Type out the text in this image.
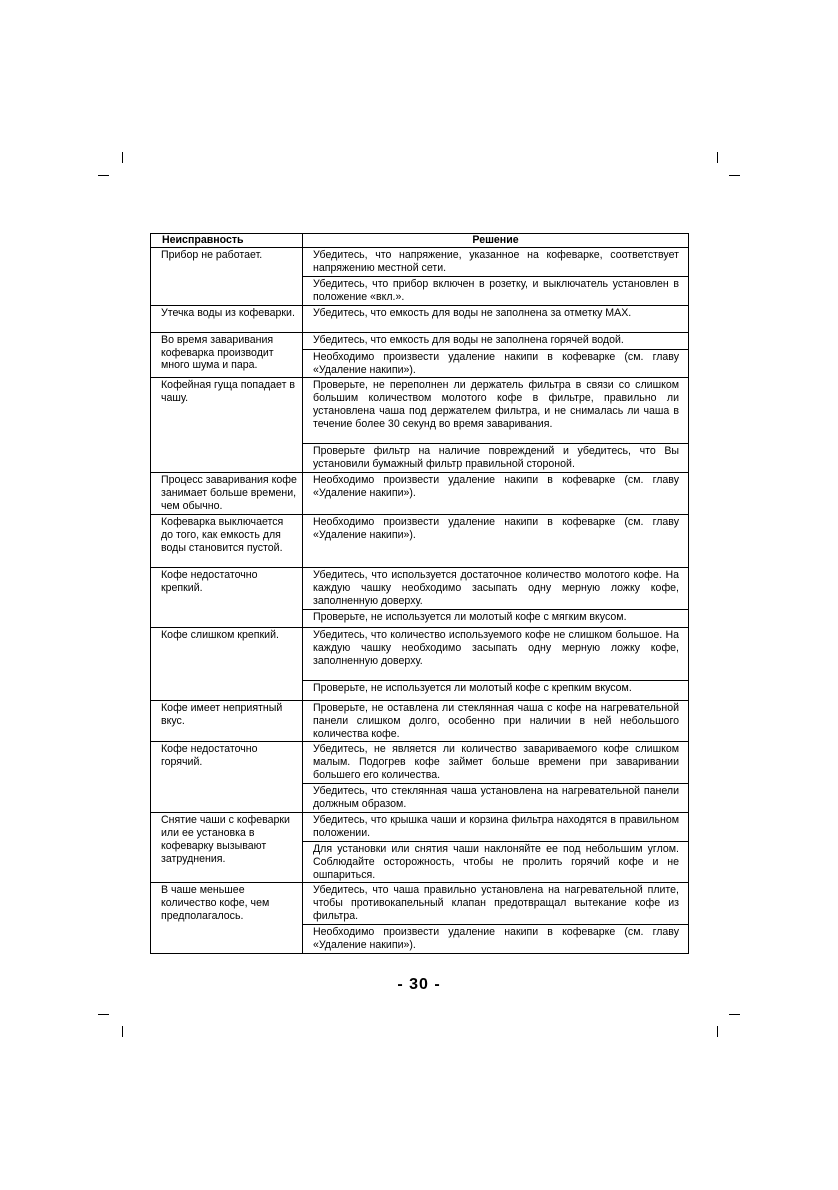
Неисправность	Решение
Прибор не работает.	Убедитесь, что напряжение, указанное на кофеварке, соответствует напряжению местной сети.
	Убедитесь, что прибор включен в розетку, и выключатель установлен в положение «вкл.».
Утечка воды из кофеварки.	Убедитесь, что емкость для воды не заполнена за отметку MAX.
Во время заваривания кофеварка производит много шума и пара.	Убедитесь, что емкость для воды не заполнена горячей водой.
	Необходимо произвести удаление накипи в кофеварке (см. главу «Удаление накипи»).
Кофейная гуща попадает в чашу.	Проверьте, не переполнен ли держатель фильтра в связи со слишком большим количеством молотого кофе в фильтре, правильно ли установлена чаша под держателем фильтра, и не снималась ли чаша в течение более 30 секунд во время заваривания.
	Проверьте фильтр на наличие повреждений и убедитесь, что Вы установили бумажный фильтр правильной стороной.
Процесс заваривания кофе занимает больше времени, чем обычно.	Необходимо произвести удаление накипи в кофеварке (см. главу «Удаление накипи»).
Кофеварка выключается до того, как емкость для воды становится пустой.	Необходимо произвести удаление накипи в кофеварке (см. главу «Удаление накипи»).
Кофе недостаточно крепкий.	Убедитесь, что используется достаточное количество молотого кофе. На каждую чашку необходимо засыпать одну мерную ложку кофе, заполненную доверху.
	Проверьте, не используется ли молотый кофе с мягким вкусом.
Кофе слишком крепкий.	Убедитесь, что количество используемого кофе не слишком большое. На каждую чашку необходимо засыпать одну мерную ложку кофе, заполненную доверху.
	Проверьте, не используется ли молотый кофе с крепким вкусом.
Кофе имеет неприятный вкус.	Проверьте, не оставлена ли стеклянная чаша с кофе на нагревательной панели слишком долго, особенно при наличии в ней небольшого количества кофе.
Кофе недостаточно горячий.	Убедитесь, не является ли количество завариваемого кофе слишком малым. Подогрев кофе займет больше времени при заваривании большего его количества.
	Убедитесь, что стеклянная чаша установлена на нагревательной панели должным образом.
Снятие чаши с кофеварки или ее установка в кофеварку вызывают затруднения.	Убедитесь, что крышка чаши и корзина фильтра находятся в правильном положении.
	Для установки или снятия чаши наклоняйте ее под небольшим углом. Соблюдайте осторожность, чтобы не пролить горячий кофе и не ошпариться.
В чаше меньшее количество кофе, чем предполагалось.	Убедитесь, что чаша правильно установлена на нагревательной плите, чтобы противокапельный клапан предотвращал вытекание кофе из фильтра.
	Необходимо произвести удаление накипи в кофеварке (см. главу «Удаление накипи»).
- 30 -
